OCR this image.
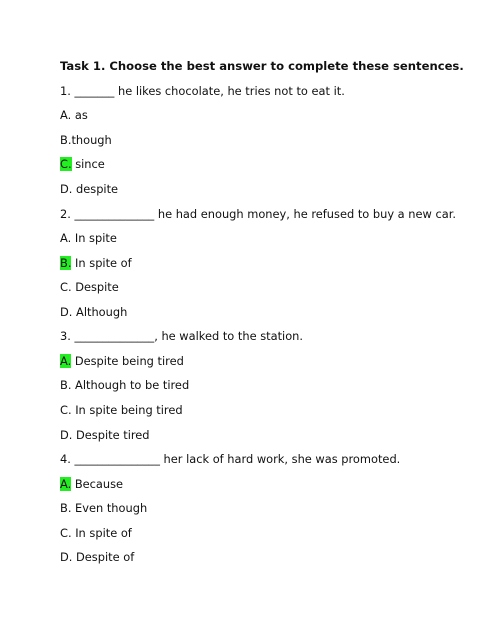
Task 1. Choose the best answer to complete these sentences.
1. _______ he likes chocolate, he tries not to eat it.
A. as
B.though
C. since
D. despite
2. ______________ he had enough money, he refused to buy a new car.
A. In spite
B. In spite of
C. Despite
D. Although
3. ______________, he walked to the station.
A. Despite being tired
B. Although to be tired
C. In spite being tired
D. Despite tired
4. _______________ her lack of hard work, she was promoted.
A. Because
B. Even though
C. In spite of
D. Despite of
